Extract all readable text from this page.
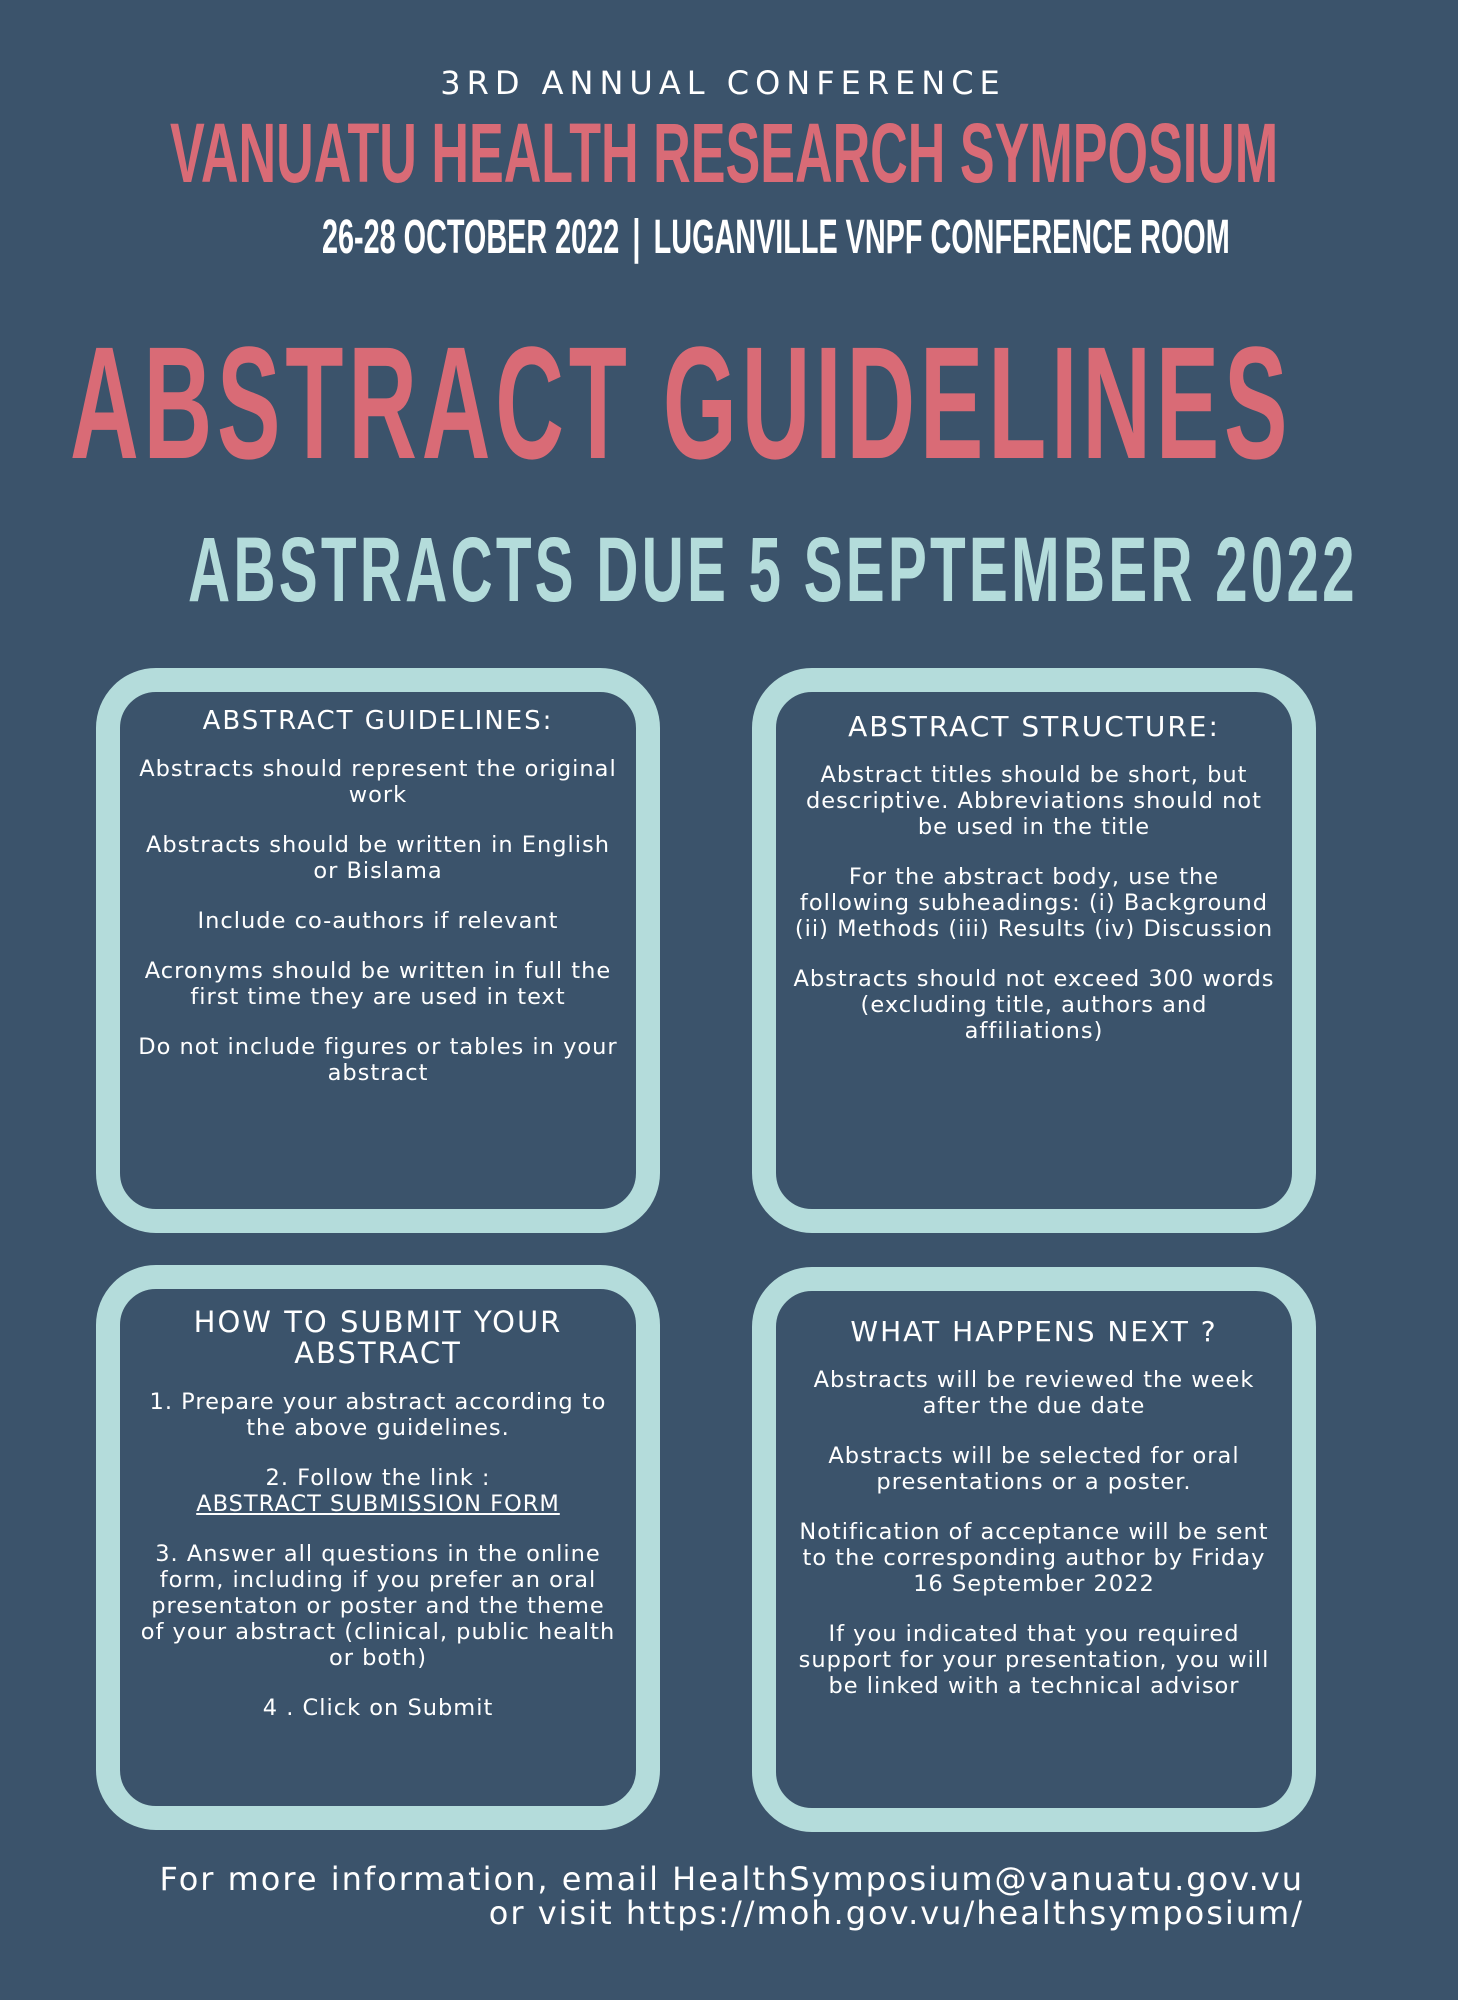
3RD ANNUAL CONFERENCE
VANUATU HEALTH RESEARCH SYMPOSIUM
26-28 OCTOBER 2022 | LUGANVILLE VNPF CONFERENCE ROOM
ABSTRACT GUIDELINES
ABSTRACTS DUE 5 SEPTEMBER 2022
ABSTRACT GUIDELINES:

Abstracts should represent the original work

Abstracts should be written in English or Bislama

Include co-authors if relevant

Acronyms should be written in full the first time they are used in text

Do not include figures or tables in your abstract

ABSTRACT STRUCTURE:

Abstract titles should be short, but descriptive. Abbreviations should not be used in the title

For the abstract body, use the following subheadings: (i) Background (ii) Methods (iii) Results (iv) Discussion

Abstracts should not exceed 300 words (excluding title, authors and affiliations)

HOW TO SUBMIT YOUR ABSTRACT

1. Prepare your abstract according to the above guidelines.

2. Follow the link :
ABSTRACT SUBMISSION FORM

3. Answer all questions in the online form, including if you prefer an oral presentaton or poster and the theme of your abstract (clinical, public health or both)

4 . Click on Submit

WHAT HAPPENS NEXT ?

Abstracts will be reviewed the week after the due date

Abstracts will be selected for oral presentations or a poster.

Notification of acceptance will be sent to the corresponding author by Friday 16 September 2022

If you indicated that you required support for your presentation, you will be linked with a technical advisor

For more information, email HealthSymposium@vanuatu.gov.vu
or visit https://moh.gov.vu/healthsymposium/
